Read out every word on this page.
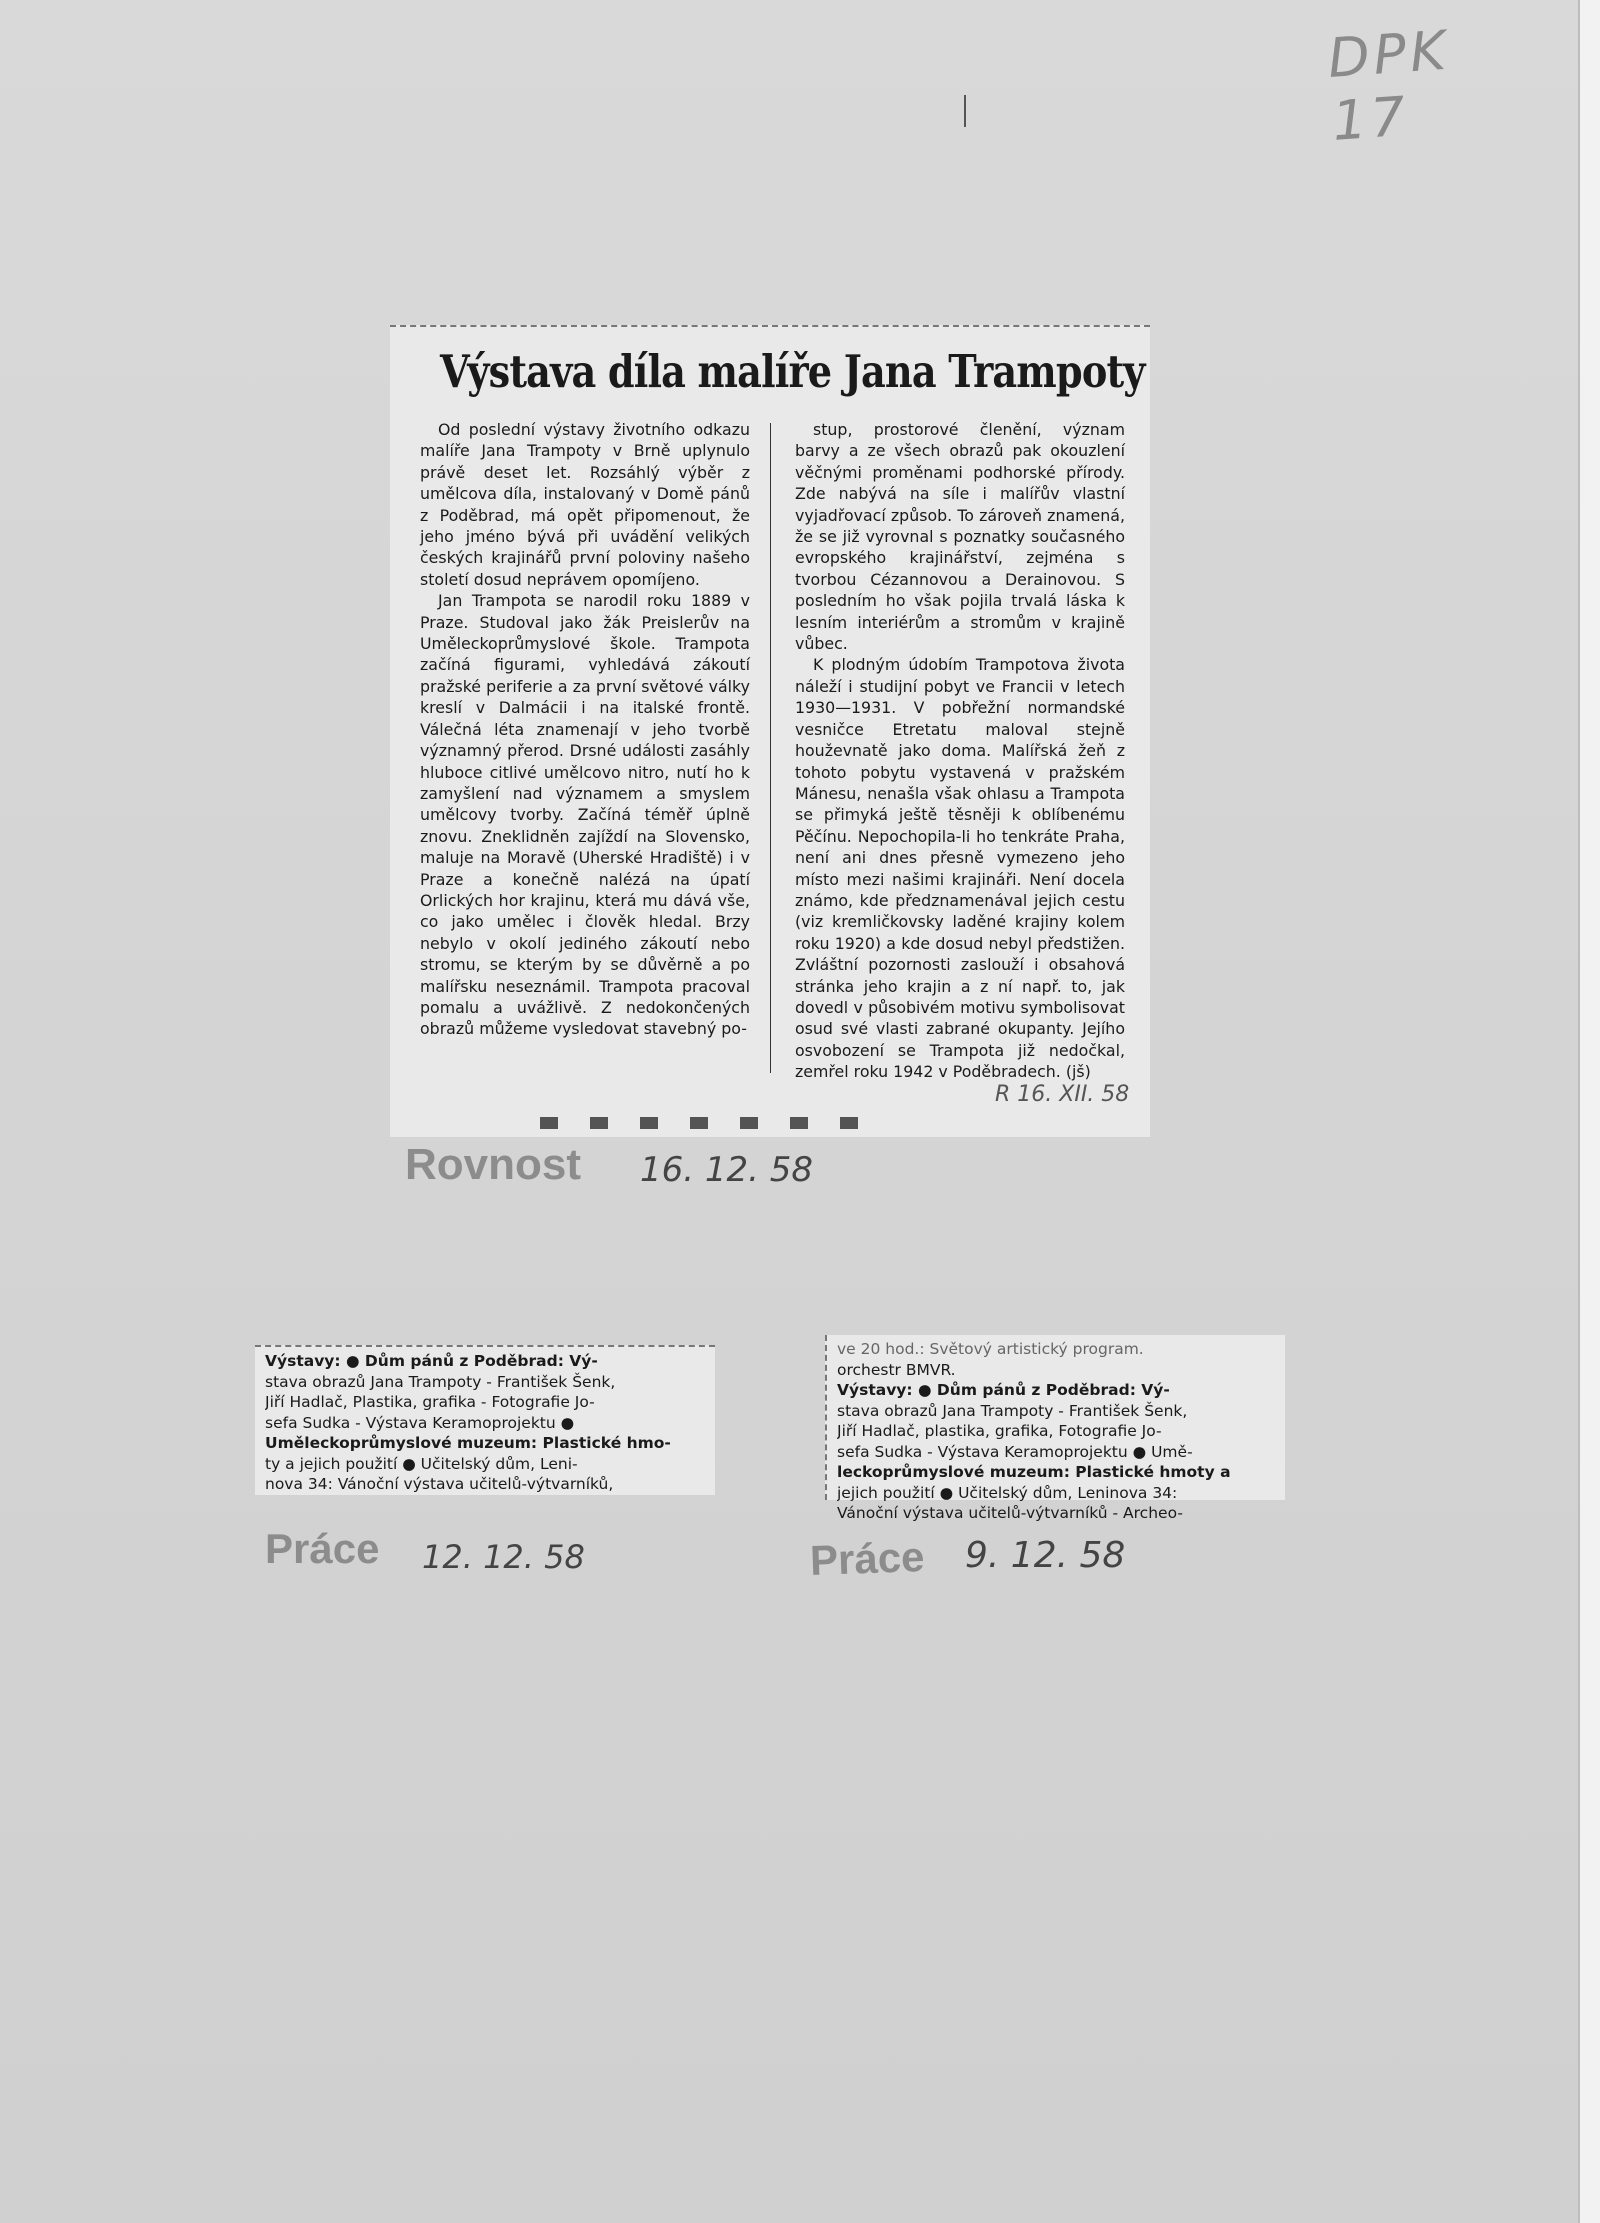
DPK 17
Výstava díla malíře Jana Trampoty

Od poslední výstavy životního odkazu malíře Jana Trampoty v Brně uplynulo právě deset let. Rozsáhlý výběr z umělcova díla, instalovaný v Domě pánů z Poděbrad, má opět připomenout, že jeho jméno bývá při uvádění velikých českých krajinářů první poloviny našeho století dosud neprávem opomíjeno.

Jan Trampota se narodil roku 1889 v Praze. Studoval jako žák Preislerův na Uměleckoprůmyslové škole. Trampota začíná figurami, vyhledává zákoutí pražské periferie a za první světové války kreslí v Dalmácii i na italské frontě. Válečná léta znamenají v jeho tvorbě významný přerod. Drsné události zasáhly hluboce citlivé umělcovo nitro, nutí ho k zamyšlení nad významem a smyslem umělcovy tvorby. Začíná téměř úplně znovu. Zneklidněn zajíždí na Slovensko, maluje na Moravě (Uherské Hradiště) i v Praze a konečně nalézá na úpatí Orlických hor krajinu, která mu dává vše, co jako umělec i člověk hledal. Brzy nebylo v okolí jediného zákoutí nebo stromu, se kterým by se důvěrně a po malířsku neseznámil. Trampota pracoval pomalu a uvážlivě. Z nedokončených obrazů můžeme vysledovat stavebný po-

stup, prostorové členění, význam barvy a ze všech obrazů pak okouzlení věčnými proměnami podhorské přírody. Zde nabývá na síle i malířův vlastní vyjadřovací způsob. To zároveň znamená, že se již vyrovnal s poznatky současného evropského krajinářství, zejména s tvorbou Cézannovou a Derainovou. S posledním ho však pojila trvalá láska k lesním interiérům a stromům v krajině vůbec.

K plodným údobím Trampotova života náleží i studijní pobyt ve Francii v letech 1930—1931. V pobřežní normandské vesničce Etretatu maloval stejně houževnatě jako doma. Malířská žeň z tohoto pobytu vystavená v pražském Mánesu, nenašla však ohlasu a Trampota se přimyká ještě těsněji k oblíbenému Pěčínu. Nepochopila-li ho tenkráte Praha, není ani dnes přesně vymezeno jeho místo mezi našimi krajináři. Není docela známo, kde předznamenával jejich cestu (viz kremličkovsky laděné krajiny kolem roku 1920) a kde dosud nebyl předstižen. Zvláštní pozornosti zaslouží i obsahová stránka jeho krajin a z ní např. to, jak dovedl v působivém motivu symbolisovat osud své vlasti zabrané okupanty. Jejího osvobození se Trampota již nedočkal, zemřel roku 1942 v Poděbradech. (jš)

R 16. XII. 58
Rovnost 16. 12. 58
Výstavy: ● Dům pánů z Poděbrad: Vý-
stava obrazů Jana Trampoty - František Šenk,
Jiří Hadlač, Plastika, grafika - Fotografie Jo-
sefa Sudka - Výstava Keramoprojektu ●
Uměleckoprůmyslové muzeum: Plastické hmo-
ty a jejich použití ● Učitelský dům, Leni-
nova 34: Vánoční výstava učitelů-výtvarníků,
Práce 12. 12. 58
ve 20 hod.: Světový artistický program.
orchestr BMVR.
Výstavy: ● Dům pánů z Poděbrad: Vý-
stava obrazů Jana Trampoty - František Šenk,
Jiří Hadlač, plastika, grafika, Fotografie Jo-
sefa Sudka - Výstava Keramoprojektu ● Umě-
leckoprůmyslové muzeum: Plastické hmoty a
jejich použití ● Učitelský dům, Leninova 34:
Vánoční výstava učitelů-výtvarníků - Archeo-
Práce 9. 12. 58
